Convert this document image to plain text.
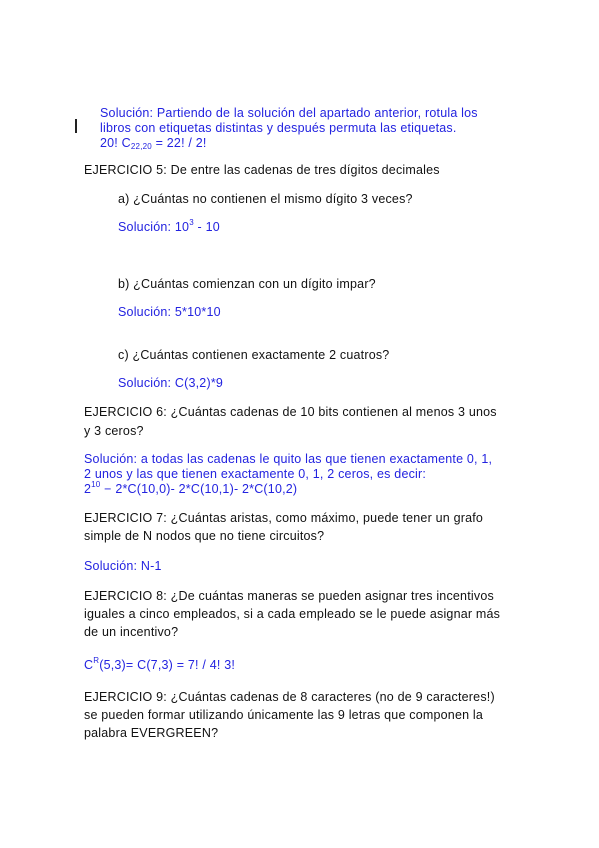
Solución: Partiendo de la solución del apartado anterior, rotula los
libros con etiquetas distintas y después permuta las etiquetas.
20! $C_{22,20} = 22$! / 2!
EJERCICIO 5: De entre las cadenas de tres dígitos decimales
a) ¿Cuántas no contienen el mismo dígito 3 veces?
Solución: $10^3 - 10$
b) ¿Cuántas comienzan con un dígito impar?
Solución: 5*10*10
c) ¿Cuántas contienen exactamente 2 cuatros?
Solución: C(3,2)*9
EJERCICIO 6: ¿Cuántas cadenas de 10 bits contienen al menos 3 unos
y 3 ceros?
Solución: a todas las cadenas le quito las que tienen exactamente 0, 1,
2 unos y las que tienen exactamente 0, 1, 2 ceros, es decir:
$2^{10} - 2*C(10,0)-$ 2*C(10,1)- 2*C(10,2)
EJERCICIO 7: ¿Cuántas aristas, como máximo, puede tener un grafo
simple de N nodos que no tiene circuitos?
Solución: N-1
EJERCICIO 8: ¿De cuántas maneras se pueden asignar tres incentivos
iguales a cinco empleados, si a cada empleado se le puede asignar más
de un incentivo?
$C^R(5,3)= C(7,3) = 7$! / 4! 3!
EJERCICIO 9: ¿Cuántas cadenas de 8 caracteres (no de 9 caracteres!)
se pueden formar utilizando únicamente las 9 letras que componen la
palabra EVERGREEN?
